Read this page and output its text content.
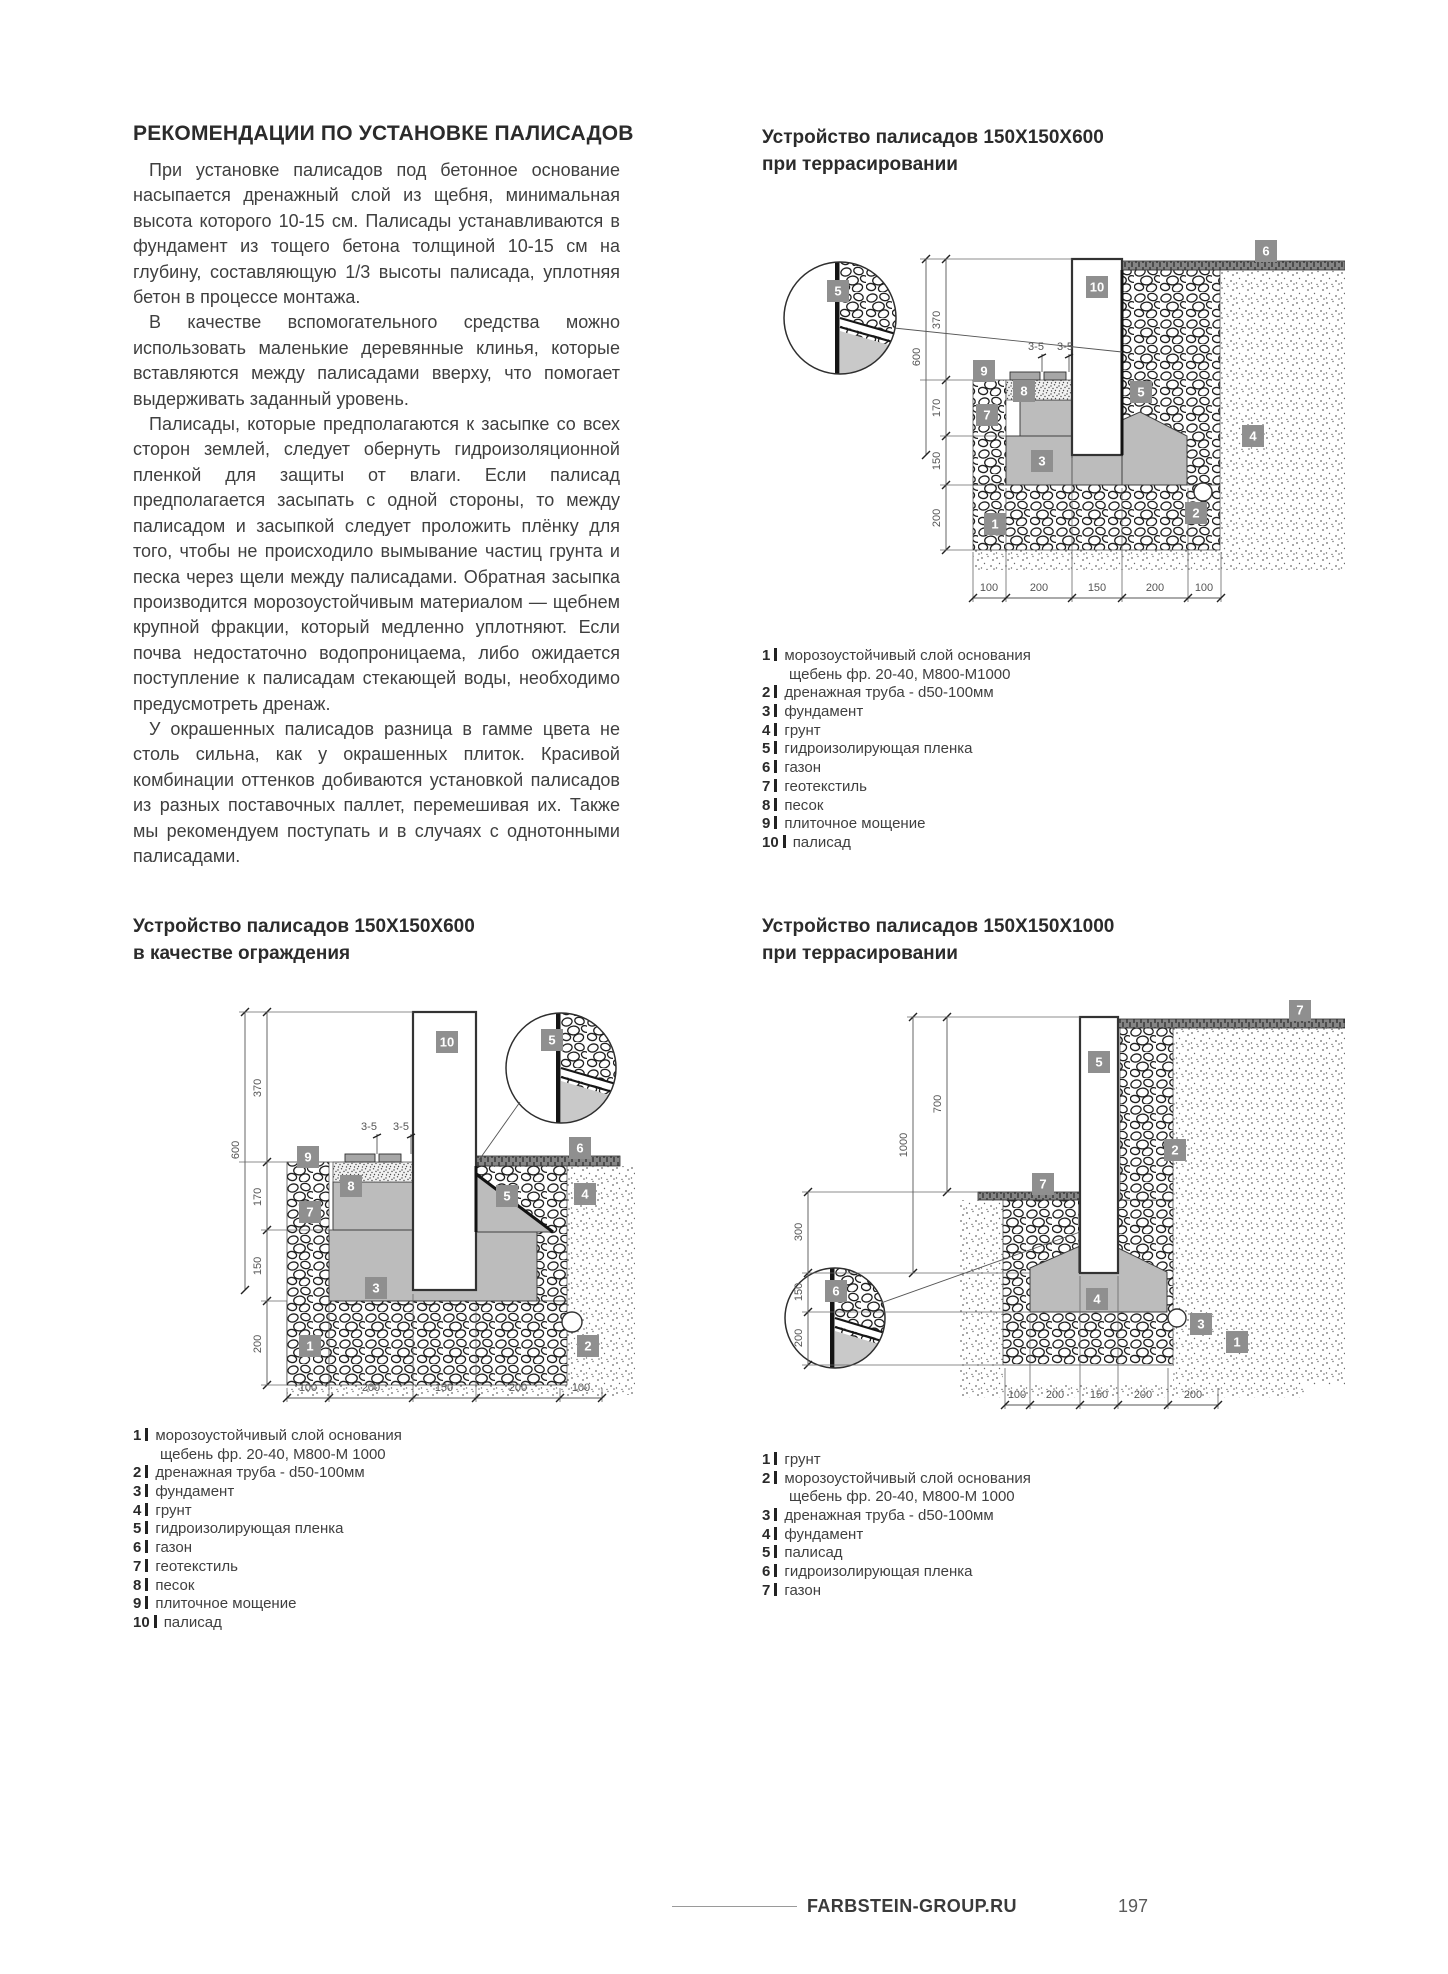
РЕКОМЕНДАЦИИ ПО УСТАНОВКЕ ПАЛИСАДОВ

При установке палисадов под бетонное основание насыпается дренажный слой из щебня, минимальная высота которого 10-15 см. Палисады устанавливаются в фундамент из тощего бетона толщиной 10-15 см на глубину, составляющую 1/3 высоты палисада, уплотняя бетон в процессе монтажа.

В качестве вспомогательного средства можно использовать маленькие деревянные клинья, которые вставляются между палисадами вверху, что помогает выдерживать заданный уровень.

Палисады, которые предполагаются к засыпке со всех сторон землей, следует обернуть гидроизоляционной пленкой для защиты от влаги. Если палисад предполагается засыпать с одной стороны, то между палисадом и засыпкой следует проложить плёнку для того, чтобы не происходило вымывание частиц грунта и песка через щели между палисадами. Обратная засыпка производится морозоустойчивым материалом — щебнем крупной фракции, который медленно уплотняют. Если почва недостаточно водопроницаема, либо ожидается поступление к палисадам стекающей воды, необходимо предусмотреть дренаж.

У окрашенных палисадов разница в гамме цвета не столь сильна, как у окрашенных плиток. Красивой комбинации оттенков добиваются установкой палисадов из разных поставочных паллет, перемешивая их. Также мы рекомендуем поступать и в случаях с однотонными палисадами.

Устройство палисадов 150X150X600
при террасировании
600
370
170
150
200
100	200	150	200	100
3-5 3-5
5	10
6
9
8
7
3
5
4
2
1
1 морозоустойчивый слой основания
щебень фр. 20-40, М800-М1000
2 дренажная труба - d50-100мм
3 фундамент
4 грунт
5 гидроизолирующая пленка
6 газон
7 геотекстиль
8 песок
9 плиточное мощение
10 палисад
Устройство палисадов 150X150X600
в качестве ограждения
600
370
170
150
200
100	200	150	200	100
3-5 3-5
10	5
6
9
8
7
3
5	4
1	2
1 морозоустойчивый слой основания
щебень фр. 20-40, М800-М 1000
2 дренажная труба - d50-100мм
3 фундамент
4 грунт
5 гидроизолирующая пленка
6 газон
7 геотекстиль
8 песок
9 плиточное мощение
10 палисад
Устройство палисадов 150X150X1000
при террасировании
1000
700
300
150
200
100 200 150 200	200
7
5
2
7
6
4
3
1
1 грунт
2 морозоустойчивый слой основания
щебень фр. 20-40, М800-М 1000
3 дренажная труба - d50-100мм
4 фундамент
5 палисад
6 гидроизолирующая пленка
7 газон
FARBSTEIN-GROUP.RU	197
